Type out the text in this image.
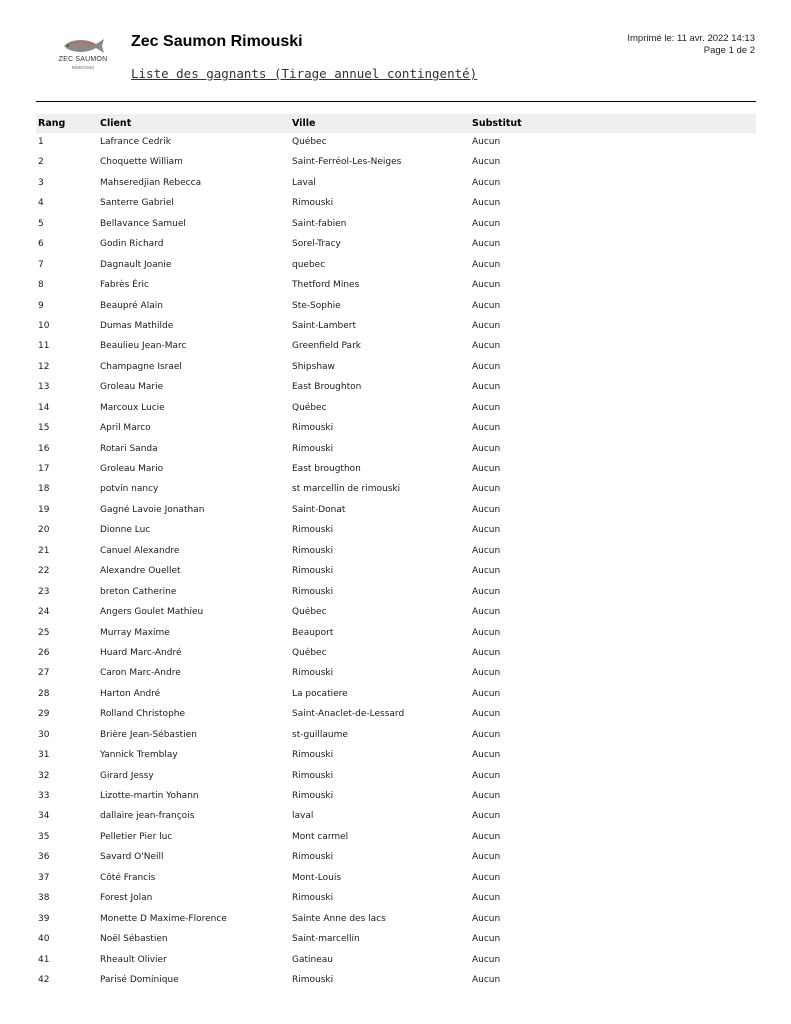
ZEC SAUMON
RIMOUSKI
Zec Saumon Rimouski	Imprimé le: 11 avr. 2022 14:13
Page 1 de 2
Liste des gagnants (Tirage annuel contingenté)
Rang	Client	Ville	Substitut
1	Lafrance Cedrik	Québec	Aucun
2	Choquette William	Saint-Ferréol-Les-Neiges	Aucun
3	Mahseredjian Rebecca	Laval	Aucun
4	Santerre Gabriel	Rimouski	Aucun
5	Bellavance Samuel	Saint-fabien	Aucun
6	Godin Richard	Sorel-Tracy	Aucun
7	Dagnault Joanie	quebec	Aucun
8	Fabrès Éric	Thetford Mines	Aucun
9	Beaupré Alain	Ste-Sophie	Aucun
10	Dumas Mathilde	Saint-Lambert	Aucun
11	Beaulieu Jean-Marc	Greenfield Park	Aucun
12	Champagne Israel	Shipshaw	Aucun
13	Groleau Marie	East Broughton	Aucun
14	Marcoux Lucie	Québec	Aucun
15	April Marco	Rimouski	Aucun
16	Rotari Sanda	Rimouski	Aucun
17	Groleau Mario	East brougthon	Aucun
18	potvin nancy	st marcellin de rimouski	Aucun
19	Gagné Lavoie Jonathan	Saint-Donat	Aucun
20	Dionne Luc	Rimouski	Aucun
21	Canuel Alexandre	Rimouski	Aucun
22	Alexandre Ouellet	Rimouski	Aucun
23	breton Catherine	Rimouski	Aucun
24	Angers Goulet Mathieu	Québec	Aucun
25	Murray Maxime	Beauport	Aucun
26	Huard Marc-André	Québec	Aucun
27	Caron Marc-Andre	Rimouski	Aucun
28	Harton André	La pocatiere	Aucun
29	Rolland Christophe	Saint-Anaclet-de-Lessard	Aucun
30	Brière Jean-Sébastien	st-guillaume	Aucun
31	Yannick Tremblay	Rimouski	Aucun
32	Girard Jessy	Rimouski	Aucun
33	Lizotte-martin Yohann	Rimouski	Aucun
34	dallaire jean-françois	laval	Aucun
35	Pelletier Pier luc	Mont carmel	Aucun
36	Savard O'Neill	Rimouski	Aucun
37	Côté Francis	Mont-Louis	Aucun
38	Forest Jolan	Rimouski	Aucun
39	Monette D Maxime-Florence	Sainte Anne des lacs	Aucun
40	Noël Sébastien	Saint-marcellin	Aucun
41	Rheault Olivier	Gatineau	Aucun
42	Parisé Dominique	Rimouski	Aucun
